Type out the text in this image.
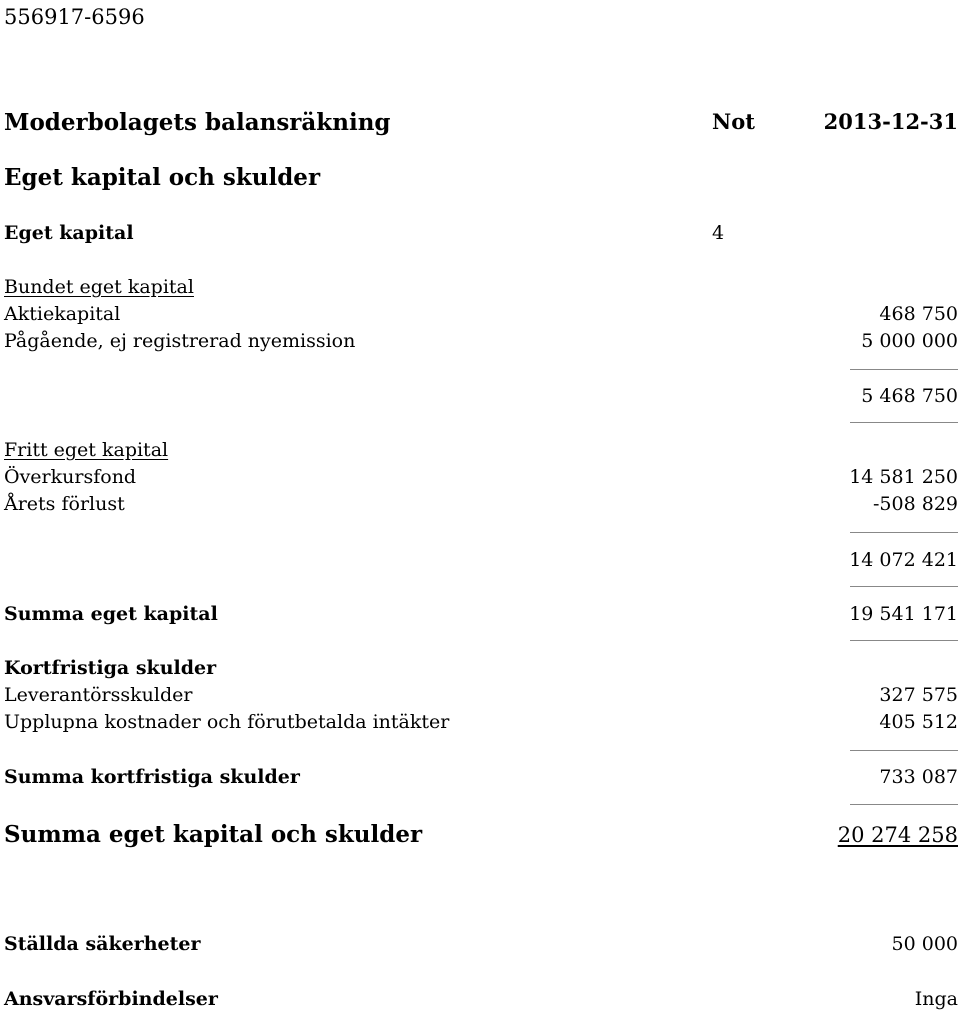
556917-6596
Moderbolagets balansräkning	Not	2013-12-31
Eget kapital och skulder
Eget kapital	4
Bundet eget kapital
Aktiekapital	468 750
Pågående, ej registrerad nyemission	5 000 000
5 468 750
Fritt eget kapital
Överkursfond	14 581 250
Årets förlust	-508 829
14 072 421
Summa eget kapital	19 541 171
Kortfristiga skulder
Leverantörsskulder	327 575
Upplupna kostnader och förutbetalda intäkter	405 512
Summa kortfristiga skulder	733 087
Summa eget kapital och skulder	20 274 258
Ställda säkerheter	50 000
Ansvarsförbindelser	Inga
